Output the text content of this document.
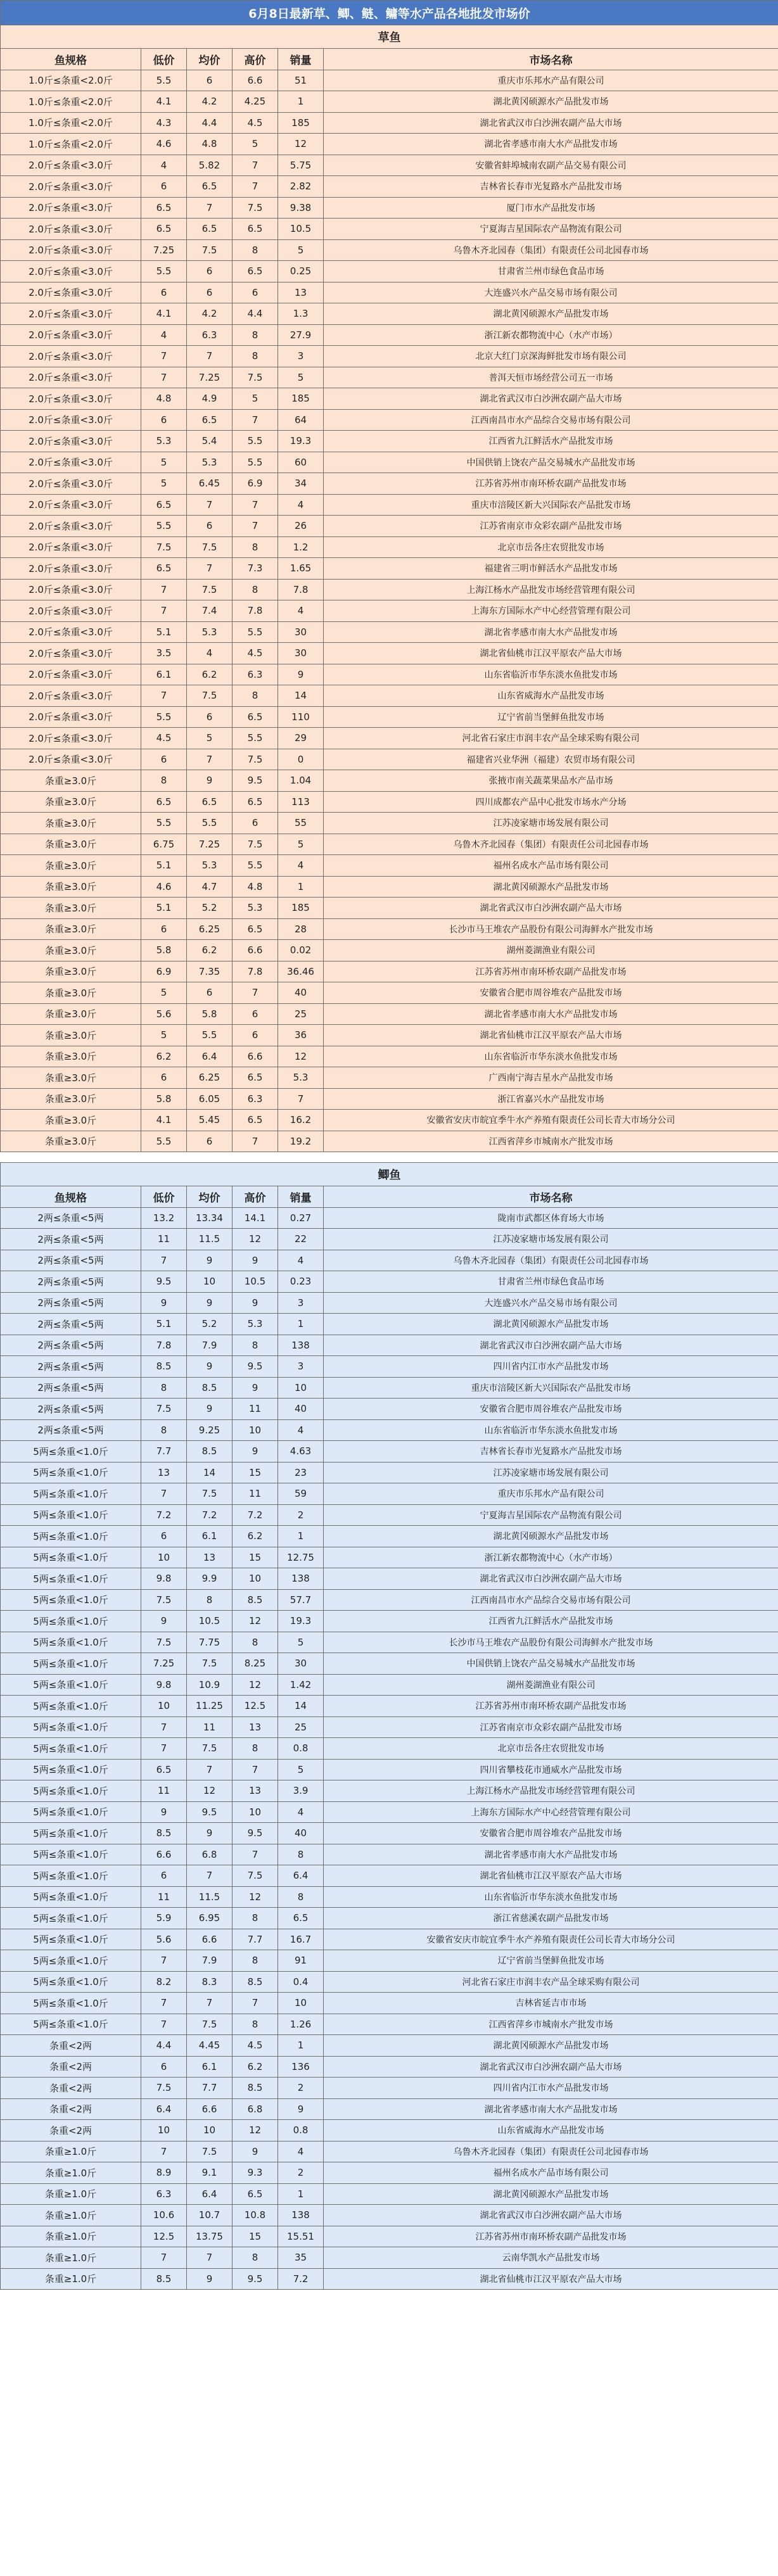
6月8日最新草、鲫、鲢、鳙等水产品各地批发市场价					
草鱼					
鱼规格	低价	均价	高价	销量	市场名称
1.0斤≤条重<2.0斤	5.5	6	6.6	51	重庆市乐邦水产品有限公司
1.0斤≤条重<2.0斤	4.1	4.2	4.25	1	湖北黄冈硕源水产品批发市场
1.0斤≤条重<2.0斤	4.3	4.4	4.5	185	湖北省武汉市白沙洲农副产品大市场
1.0斤≤条重<2.0斤	4.6	4.8	5	12	湖北省孝感市南大水产品批发市场
2.0斤≤条重<3.0斤	4	5.82	7	5.75	安徽省蚌埠城南农副产品交易有限公司
2.0斤≤条重<3.0斤	6	6.5	7	2.82	吉林省长春市光复路水产品批发市场
2.0斤≤条重<3.0斤	6.5	7	7.5	9.38	厦门市水产品批发市场
2.0斤≤条重<3.0斤	6.5	6.5	6.5	10.5	宁夏海吉星国际农产品物流有限公司
2.0斤≤条重<3.0斤	7.25	7.5	8	5	乌鲁木齐北园春（集团）有限责任公司北园春市场
2.0斤≤条重<3.0斤	5.5	6	6.5	0.25	甘肃省兰州市绿色食品市场
2.0斤≤条重<3.0斤	6	6	6	13	大连盛兴水产品交易市场有限公司
2.0斤≤条重<3.0斤	4.1	4.2	4.4	1.3	湖北黄冈硕源水产品批发市场
2.0斤≤条重<3.0斤	4	6.3	8	27.9	浙江新农都物流中心（水产市场）
2.0斤≤条重<3.0斤	7	7	8	3	北京大红门京深海鲜批发市场有限公司
2.0斤≤条重<3.0斤	7	7.25	7.5	5	普洱天恒市场经营公司五一市场
2.0斤≤条重<3.0斤	4.8	4.9	5	185	湖北省武汉市白沙洲农副产品大市场
2.0斤≤条重<3.0斤	6	6.5	7	64	江西南昌市水产品综合交易市场有限公司
2.0斤≤条重<3.0斤	5.3	5.4	5.5	19.3	江西省九江鲜活水产品批发市场
2.0斤≤条重<3.0斤	5	5.3	5.5	60	中国供销上饶农产品交易城水产品批发市场
2.0斤≤条重<3.0斤	5	6.45	6.9	34	江苏省苏州市南环桥农副产品批发市场
2.0斤≤条重<3.0斤	6.5	7	7	4	重庆市涪陵区新大兴国际农产品批发市场
2.0斤≤条重<3.0斤	5.5	6	7	26	江苏省南京市众彩农副产品批发市场
2.0斤≤条重<3.0斤	7.5	7.5	8	1.2	北京市岳各庄农贸批发市场
2.0斤≤条重<3.0斤	6.5	7	7.3	1.65	福建省三明市鲜活水产品批发市场
2.0斤≤条重<3.0斤	7	7.5	8	7.8	上海江杨水产品批发市场经营管理有限公司
2.0斤≤条重<3.0斤	7	7.4	7.8	4	上海东方国际水产中心经营管理有限公司
2.0斤≤条重<3.0斤	5.1	5.3	5.5	30	湖北省孝感市南大水产品批发市场
2.0斤≤条重<3.0斤	3.5	4	4.5	30	湖北省仙桃市江汉平原农产品大市场
2.0斤≤条重<3.0斤	6.1	6.2	6.3	9	山东省临沂市华东淡水鱼批发市场
2.0斤≤条重<3.0斤	7	7.5	8	14	山东省威海水产品批发市场
2.0斤≤条重<3.0斤	5.5	6	6.5	110	辽宁省前当堡鲜鱼批发市场
2.0斤≤条重<3.0斤	4.5	5	5.5	29	河北省石家庄市润丰农产品全球采购有限公司
2.0斤≤条重<3.0斤	6	7	7.5	0	福建省兴业华洲（福建）农贸市场有限公司
条重≥3.0斤	8	9	9.5	1.04	张掖市南关蔬菜果品水产品市场
条重≥3.0斤	6.5	6.5	6.5	113	四川成都农产品中心批发市场水产分场
条重≥3.0斤	5.5	5.5	6	55	江苏凌家塘市场发展有限公司
条重≥3.0斤	6.75	7.25	7.5	5	乌鲁木齐北园春（集团）有限责任公司北园春市场
条重≥3.0斤	5.1	5.3	5.5	4	福州名成水产品市场有限公司
条重≥3.0斤	4.6	4.7	4.8	1	湖北黄冈硕源水产品批发市场
条重≥3.0斤	5.1	5.2	5.3	185	湖北省武汉市白沙洲农副产品大市场
条重≥3.0斤	6	6.25	6.5	28	长沙市马王堆农产品股份有限公司海鲜水产批发市场
条重≥3.0斤	5.8	6.2	6.6	0.02	湖州菱湖渔业有限公司
条重≥3.0斤	6.9	7.35	7.8	36.46	江苏省苏州市南环桥农副产品批发市场
条重≥3.0斤	5	6	7	40	安徽省合肥市周谷堆农产品批发市场
条重≥3.0斤	5.6	5.8	6	25	湖北省孝感市南大水产品批发市场
条重≥3.0斤	5	5.5	6	36	湖北省仙桃市江汉平原农产品大市场
条重≥3.0斤	6.2	6.4	6.6	12	山东省临沂市华东淡水鱼批发市场
条重≥3.0斤	6	6.25	6.5	5.3	广西南宁海吉星水产品批发市场
条重≥3.0斤	5.8	6.05	6.3	7	浙江省嘉兴水产品批发市场
条重≥3.0斤	4.1	5.45	6.5	16.2	安徽省安庆市皖宜季牛水产养殖有限责任公司长青大市场分公司
条重≥3.0斤	5.5	6	7	19.2	江西省萍乡市城南水产批发市场

鲫鱼					
鱼规格	低价	均价	高价	销量	市场名称
2两≤条重<5两	13.2	13.34	14.1	0.27	陇南市武都区体育场大市场
2两≤条重<5两	11	11.5	12	22	江苏凌家塘市场发展有限公司
2两≤条重<5两	7	9	9	4	乌鲁木齐北园春（集团）有限责任公司北园春市场
2两≤条重<5两	9.5	10	10.5	0.23	甘肃省兰州市绿色食品市场
2两≤条重<5两	9	9	9	3	大连盛兴水产品交易市场有限公司
2两≤条重<5两	5.1	5.2	5.3	1	湖北黄冈硕源水产品批发市场
2两≤条重<5两	7.8	7.9	8	138	湖北省武汉市白沙洲农副产品大市场
2两≤条重<5两	8.5	9	9.5	3	四川省内江市水产品批发市场
2两≤条重<5两	8	8.5	9	10	重庆市涪陵区新大兴国际农产品批发市场
2两≤条重<5两	7.5	9	11	40	安徽省合肥市周谷堆农产品批发市场
2两≤条重<5两	8	9.25	10	4	山东省临沂市华东淡水鱼批发市场
5两≤条重<1.0斤	7.7	8.5	9	4.63	吉林省长春市光复路水产品批发市场
5两≤条重<1.0斤	13	14	15	23	江苏凌家塘市场发展有限公司
5两≤条重<1.0斤	7	7.5	11	59	重庆市乐邦水产品有限公司
5两≤条重<1.0斤	7.2	7.2	7.2	2	宁夏海吉星国际农产品物流有限公司
5两≤条重<1.0斤	6	6.1	6.2	1	湖北黄冈硕源水产品批发市场
5两≤条重<1.0斤	10	13	15	12.75	浙江新农都物流中心（水产市场）
5两≤条重<1.0斤	9.8	9.9	10	138	湖北省武汉市白沙洲农副产品大市场
5两≤条重<1.0斤	7.5	8	8.5	57.7	江西南昌市水产品综合交易市场有限公司
5两≤条重<1.0斤	9	10.5	12	19.3	江西省九江鲜活水产品批发市场
5两≤条重<1.0斤	7.5	7.75	8	5	长沙市马王堆农产品股份有限公司海鲜水产批发市场
5两≤条重<1.0斤	7.25	7.5	8.25	30	中国供销上饶农产品交易城水产品批发市场
5两≤条重<1.0斤	9.8	10.9	12	1.42	湖州菱湖渔业有限公司
5两≤条重<1.0斤	10	11.25	12.5	14	江苏省苏州市南环桥农副产品批发市场
5两≤条重<1.0斤	7	11	13	25	江苏省南京市众彩农副产品批发市场
5两≤条重<1.0斤	7	7.5	8	0.8	北京市岳各庄农贸批发市场
5两≤条重<1.0斤	6.5	7	7	5	四川省攀枝花市通威水产品批发市场
5两≤条重<1.0斤	11	12	13	3.9	上海江杨水产品批发市场经营管理有限公司
5两≤条重<1.0斤	9	9.5	10	4	上海东方国际水产中心经营管理有限公司
5两≤条重<1.0斤	8.5	9	9.5	40	安徽省合肥市周谷堆农产品批发市场
5两≤条重<1.0斤	6.6	6.8	7	8	湖北省孝感市南大水产品批发市场
5两≤条重<1.0斤	6	7	7.5	6.4	湖北省仙桃市江汉平原农产品大市场
5两≤条重<1.0斤	11	11.5	12	8	山东省临沂市华东淡水鱼批发市场
5两≤条重<1.0斤	5.9	6.95	8	6.5	浙江省慈溪农副产品批发市场
5两≤条重<1.0斤	5.6	6.6	7.7	16.7	安徽省安庆市皖宜季牛水产养殖有限责任公司长青大市场分公司
5两≤条重<1.0斤	7	7.9	8	91	辽宁省前当堡鲜鱼批发市场
5两≤条重<1.0斤	8.2	8.3	8.5	0.4	河北省石家庄市润丰农产品全球采购有限公司
5两≤条重<1.0斤	7	7	7	10	吉林省延吉市市场
5两≤条重<1.0斤	7	7.5	8	1.26	江西省萍乡市城南水产批发市场
条重<2两	4.4	4.45	4.5	1	湖北黄冈硕源水产品批发市场
条重<2两	6	6.1	6.2	136	湖北省武汉市白沙洲农副产品大市场
条重<2两	7.5	7.7	8.5	2	四川省内江市水产品批发市场
条重<2两	6.4	6.6	6.8	9	湖北省孝感市南大水产品批发市场
条重<2两	10	10	12	0.8	山东省威海水产品批发市场
条重≥1.0斤	7	7.5	9	4	乌鲁木齐北园春（集团）有限责任公司北园春市场
条重≥1.0斤	8.9	9.1	9.3	2	福州名成水产品市场有限公司
条重≥1.0斤	6.3	6.4	6.5	1	湖北黄冈硕源水产品批发市场
条重≥1.0斤	10.6	10.7	10.8	138	湖北省武汉市白沙洲农副产品大市场
条重≥1.0斤	12.5	13.75	15	15.51	江苏省苏州市南环桥农副产品批发市场
条重≥1.0斤	7	7	8	35	云南华凯水产品批发市场
条重≥1.0斤	8.5	9	9.5	7.2	湖北省仙桃市江汉平原农产品大市场
